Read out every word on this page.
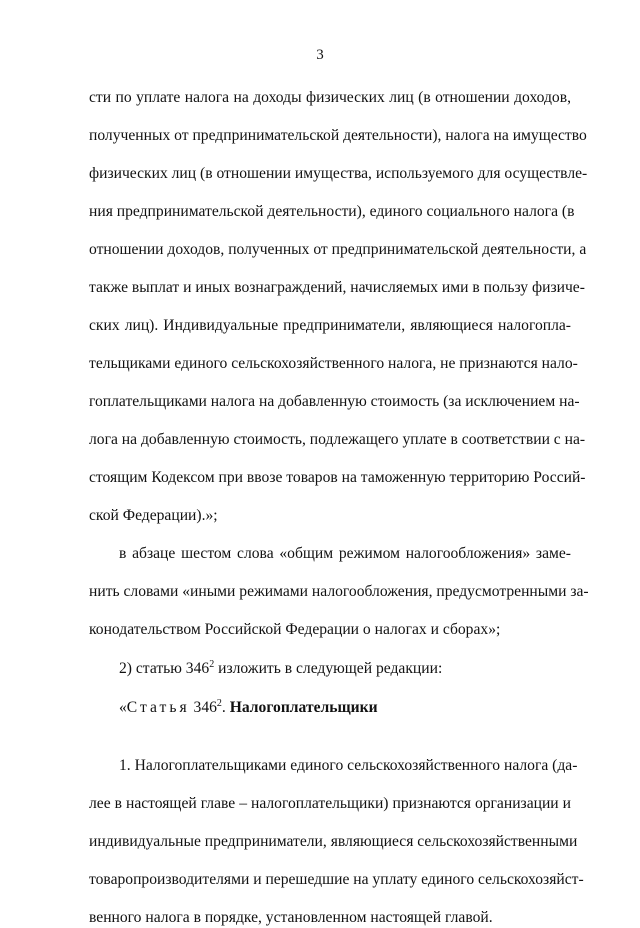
3
сти по уплате налога на доходы физических лиц (в отношении доходов,
полученных от предпринимательской деятельности), налога на имущество
физических лиц (в отношении имущества, используемого для осуществле-
ния предпринимательской деятельности), единого социального налога (в
отношении доходов, полученных от предпринимательской деятельности, а
также выплат и иных вознаграждений, начисляемых ими в пользу физиче-
ских лиц). Индивидуальные предприниматели, являющиеся налогопла-
тельщиками единого сельскохозяйственного налога, не признаются нало-
гоплательщиками налога на добавленную стоимость (за исключением на-
лога на добавленную стоимость, подлежащего уплате в соответствии с на-
стоящим Кодексом при ввозе товаров на таможенную территорию Россий-
ской Федерации).»;
в абзаце шестом слова «общим режимом налогообложения» заме-
нить словами «иными режимами налогообложения, предусмотренными за-
конодательством Российской Федерации о налогах и сборах»;
2) статью $346^2$ изложить в следующей редакции:
«Статья $346^2$. Налогоплательщики
1. Налогоплательщиками единого сельскохозяйственного налога (да-
лее в настоящей главе – налогоплательщики) признаются организации и
индивидуальные предприниматели, являющиеся сельскохозяйственными
товаропроизводителями и перешедшие на уплату единого сельскохозяйст-
венного налога в порядке, установленном настоящей главой.
